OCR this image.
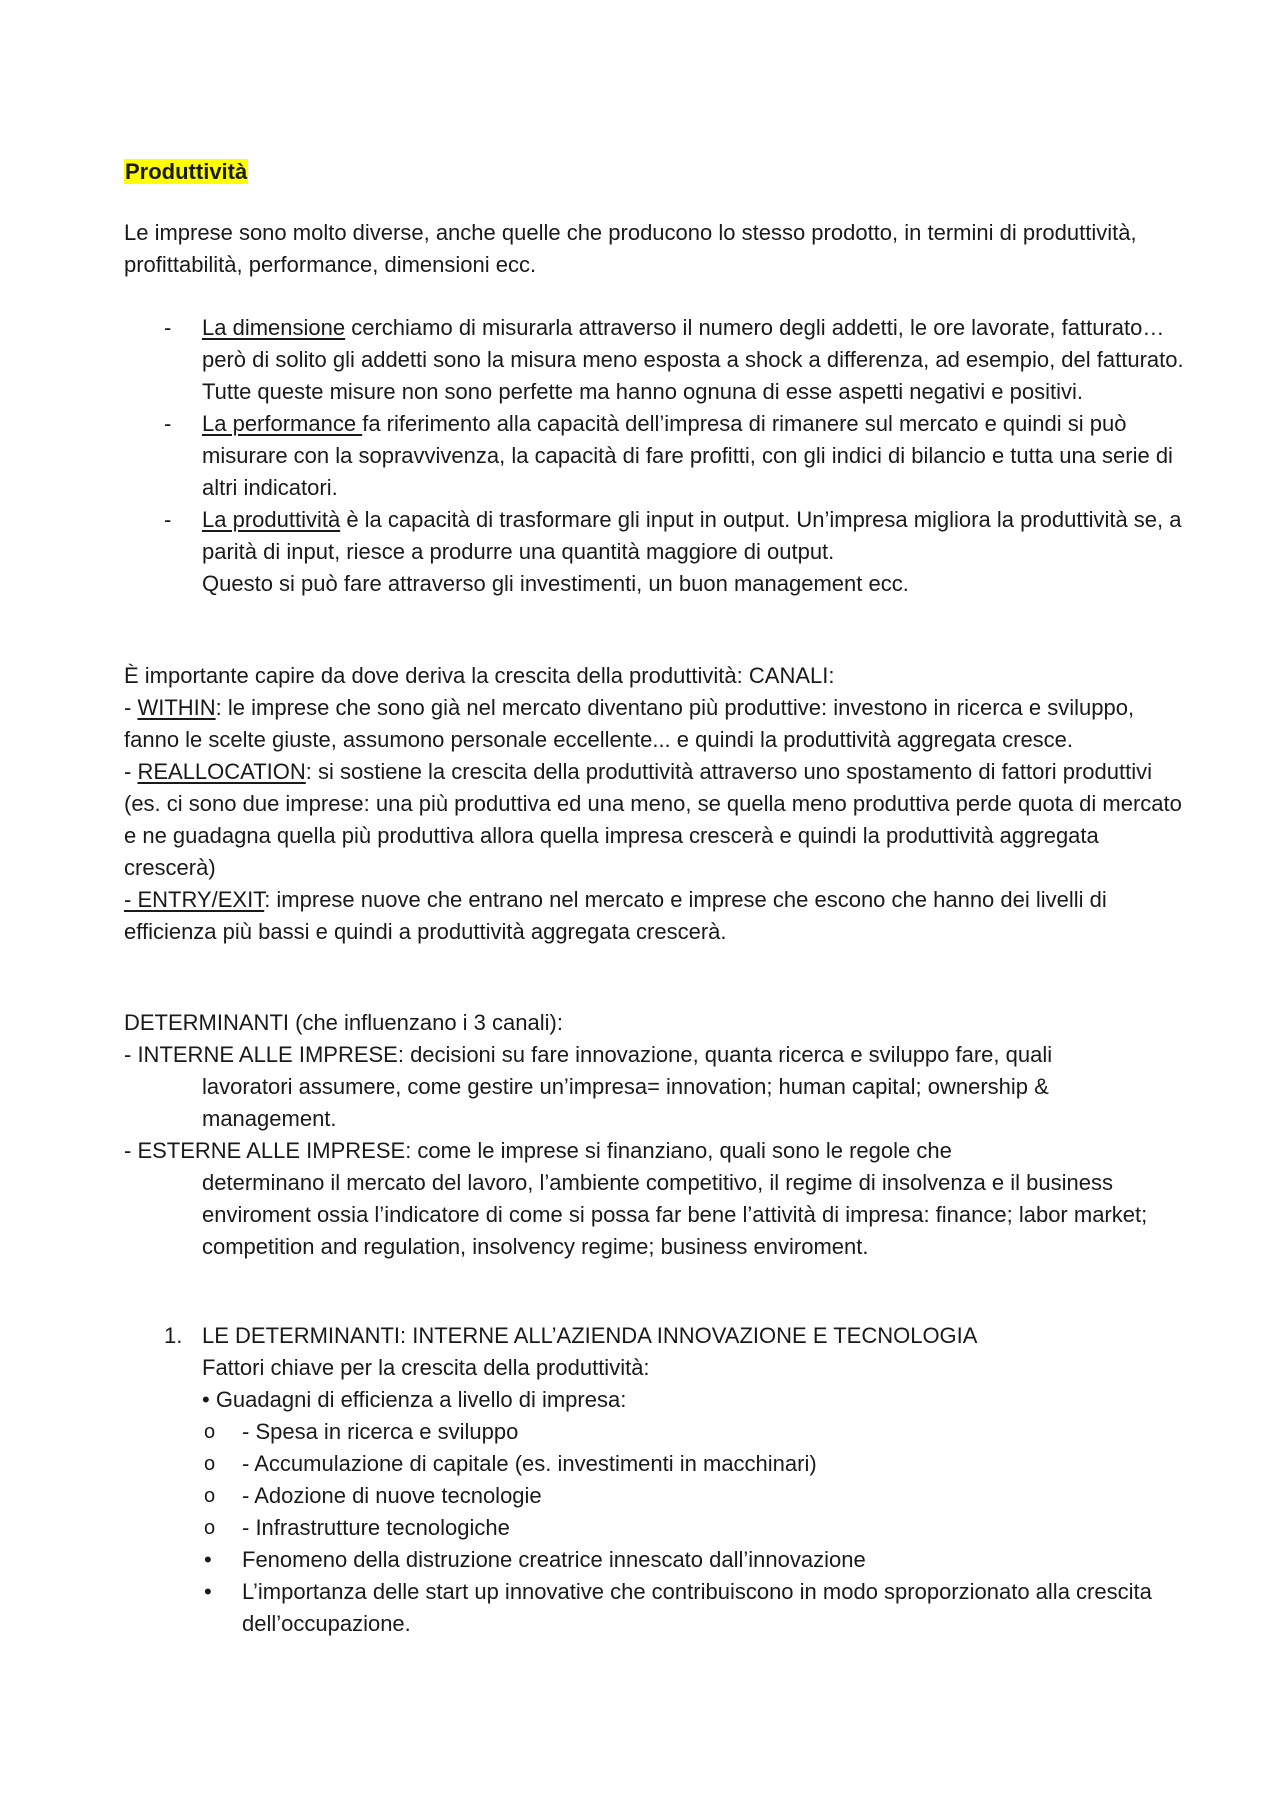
Produttività

Le imprese sono molto diverse, anche quelle che producono lo stesso prodotto, in termini di produttività, profittabilità, performance, dimensioni ecc.

- La dimensione cerchiamo di misurarla attraverso il numero degli addetti, le ore lavorate, fatturato…però di solito gli addetti sono la misura meno esposta a shock a differenza, ad esempio, del fatturato.
Tutte queste misure non sono perfette ma hanno ognuna di esse aspetti negativi e positivi.
- La performance fa riferimento alla capacità dell’impresa di rimanere sul mercato e quindi si può misurare con la sopravvivenza, la capacità di fare profitti, con gli indici di bilancio e tutta una serie di altri indicatori.
- La produttività è la capacità di trasformare gli input in output. Un’impresa migliora la produttività se, a parità di input, riesce a produrre una quantità maggiore di output.
Questo si può fare attraverso gli investimenti, un buon management ecc.
È importante capire da dove deriva la crescita della produttività: CANALI:
- WITHIN: le imprese che sono già nel mercato diventano più produttive: investono in ricerca e sviluppo, fanno le scelte giuste, assumono personale eccellente... e quindi la produttività aggregata cresce.
- REALLOCATION: si sostiene la crescita della produttività attraverso uno spostamento di fattori produttivi (es. ci sono due imprese: una più produttiva ed una meno, se quella meno produttiva perde quota di mercato e ne guadagna quella più produttiva allora quella impresa crescerà e quindi la produttività aggregata crescerà)
- ENTRY/EXIT: imprese nuove che entrano nel mercato e imprese che escono che hanno dei livelli di efficienza più bassi e quindi a produttività aggregata crescerà.
DETERMINANTI (che influenzano i 3 canali):
- INTERNE ALLE IMPRESE: decisioni su fare innovazione, quanta ricerca e sviluppo fare, quali
lavoratori assumere, come gestire un’impresa= innovation; human capital; ownership & management.
- ESTERNE ALLE IMPRESE: come le imprese si finanziano, quali sono le regole che
determinano il mercato del lavoro, l’ambiente competitivo, il regime di insolvenza e il business enviroment ossia l’indicatore di come si possa far bene l’attività di impresa: finance; labor market; competition and regulation, insolvency regime; business enviroment.
1. LE DETERMINANTI: INTERNE ALL’AZIENDA INNOVAZIONE E TECNOLOGIA
Fattori chiave per la crescita della produttività:
• Guadagni di efficienza a livello di impresa:
o - Spesa in ricerca e sviluppo
o - Accumulazione di capitale (es. investimenti in macchinari)
o - Adozione di nuove tecnologie
o - Infrastrutture tecnologiche
• Fenomeno della distruzione creatrice innescato dall’innovazione
• L’importanza delle start up innovative che contribuiscono in modo sproporzionato alla crescita dell’occupazione.
